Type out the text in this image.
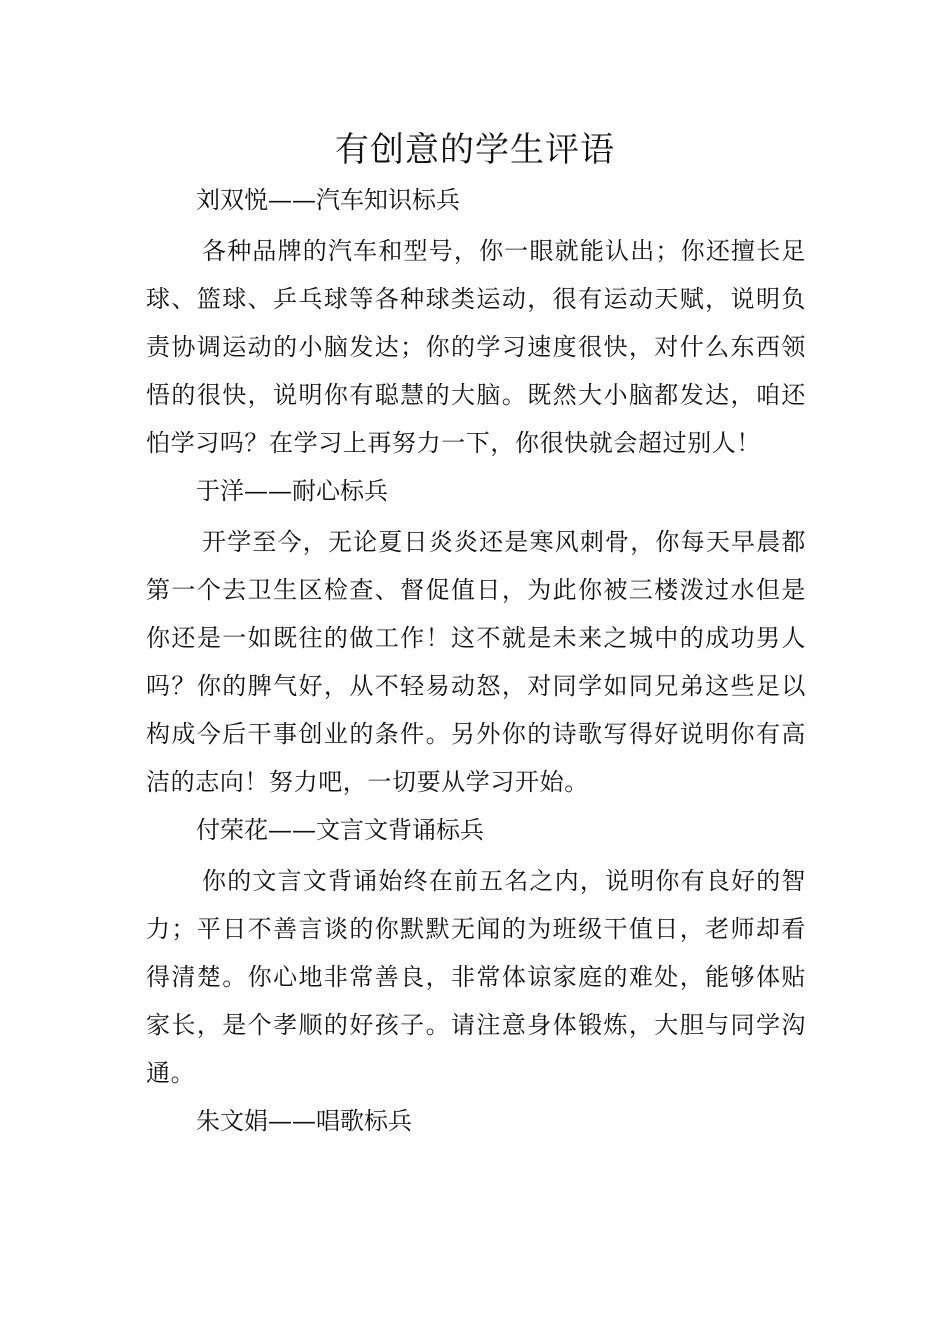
有创意的学生评语

刘双悦——汽车知识标兵

各种品牌的汽车和型号，你一眼就能认出；你还擅长足球、篮球、乒乓球等各种球类运动，很有运动天赋，说明负责协调运动的小脑发达；你的学习速度很快，对什么东西领悟的很快，说明你有聪慧的大脑。既然大小脑都发达，咱还怕学习吗？在学习上再努力一下，你很快就会超过别人！

于洋——耐心标兵

开学至今，无论夏日炎炎还是寒风刺骨，你每天早晨都第一个去卫生区检查、督促值日，为此你被三楼泼过水但是你还是一如既往的做工作！这不就是未来之城中的成功男人吗？你的脾气好，从不轻易动怒，对同学如同兄弟这些足以构成今后干事创业的条件。另外你的诗歌写得好说明你有高洁的志向！努力吧，一切要从学习开始。

付荣花——文言文背诵标兵

你的文言文背诵始终在前五名之内，说明你有良好的智力；平日不善言谈的你默默无闻的为班级干值日，老师却看得清楚。你心地非常善良，非常体谅家庭的难处，能够体贴家长，是个孝顺的好孩子。请注意身体锻炼，大胆与同学沟通。

朱文娟——唱歌标兵
